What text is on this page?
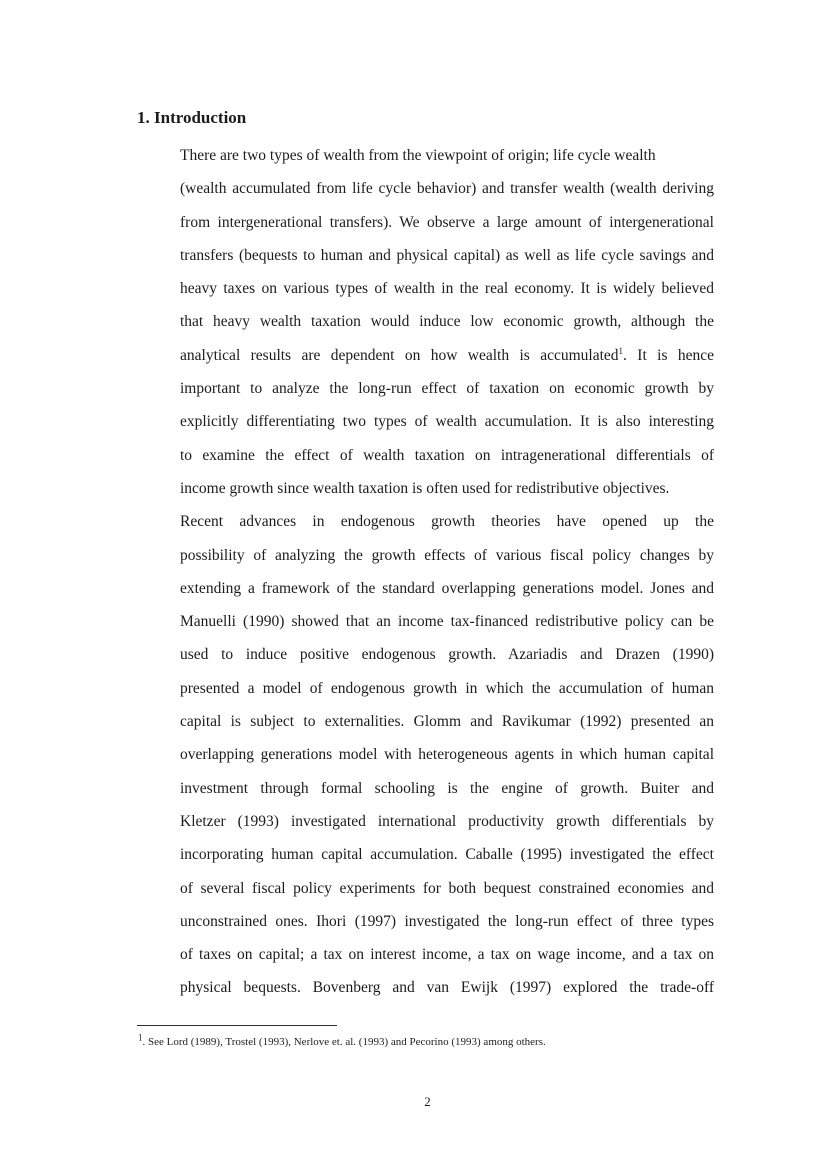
1. Introduction

There are two types of wealth from the viewpoint of origin; life cycle wealth
(wealth accumulated from life cycle behavior) and transfer wealth (wealth deriving
from intergenerational transfers). We observe a large amount of intergenerational
transfers (bequests to human and physical capital) as well as life cycle savings and
heavy taxes on various types of wealth in the real economy. It is widely believed
that heavy wealth taxation would induce low economic growth, although the
analytical results are dependent on how wealth is accumulated$^1$. It is hence
important to analyze the long-run effect of taxation on economic growth by
explicitly differentiating two types of wealth accumulation. It is also interesting
to examine the effect of wealth taxation on intragenerational differentials of
income growth since wealth taxation is often used for redistributive objectives.

Recent advances in endogenous growth theories have opened up the
possibility of analyzing the growth effects of various fiscal policy changes by
extending a framework of the standard overlapping generations model. Jones and
Manuelli (1990) showed that an income tax-financed redistributive policy can be
used to induce positive endogenous growth. Azariadis and Drazen (1990)
presented a model of endogenous growth in which the accumulation of human
capital is subject to externalities. Glomm and Ravikumar (1992) presented an
overlapping generations model with heterogeneous agents in which human capital
investment through formal schooling is the engine of growth. Buiter and
Kletzer (1993) investigated international productivity growth differentials by
incorporating human capital accumulation. Caballe (1995) investigated the effect
of several fiscal policy experiments for both bequest constrained economies and
unconstrained ones. Ihori (1997) investigated the long-run effect of three types
of taxes on capital; a tax on interest income, a tax on wage income, and a tax on
physical bequests. Bovenberg and van Ewijk (1997) explored the trade-off

$^1$. See Lord (1989), Trostel (1993), Nerlove et. al. (1993) and Pecorino (1993) among others.
2
